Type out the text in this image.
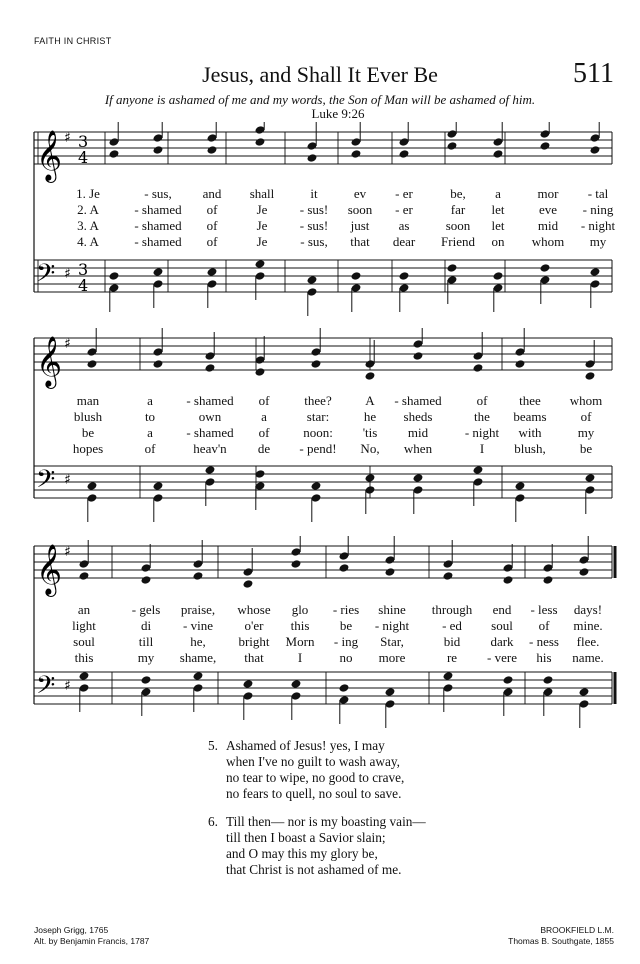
FAITH IN CHRIST
Jesus, and Shall It Ever Be	511
If anyone is ashamed of me and my words, the Son of Man will be ashamed of him.
Luke 9:26
𝄞
𝄢
♯
♯
3
4
3
4
1. Je	- sus, and shall	it	ev - er	be, a	mor - tal
2. A	- shamed of	Je - sus! soon - er	far let	eve - ning
3. A	- shamed of	Je - sus! just as	soon let	mid - night
4. A	- shamed of	Je	- sus, that dear Friend on whom my
𝄞
𝄢
♯
♯
man	a	- shamed of	thee?	A - shamed	of thee whom
blush	to	own	a	star:	he sheds	the beams	of
be	a	- shamed of	noon: 'tis mid	- night with	my
hopes	of	heav'n de - pend! No, when	I blush,	be
𝄞
𝄢
♯
♯
an	- gels praise, whose glo - ries shine through end - less days!
light	di - vine o'er this be - night	- ed soul of mine.
soul	till	he,	bright Morn - ing Star,	bid dark - ness flee.
this	my shame, that	I	no more	re - vere his name.
5. Ashamed of Jesus! yes, I may
when I've no guilt to wash away,
no tear to wipe, no good to crave,
no fears to quell, no soul to save.
6. Till then— nor is my boasting vain—
till then I boast a Savior slain;
and O may this my glory be,
that Christ is not ashamed of me.
Joseph Grigg, 1765
Alt. by Benjamin Francis, 1787
BROOKFIELD L.M.
Thomas B. Southgate, 1855
